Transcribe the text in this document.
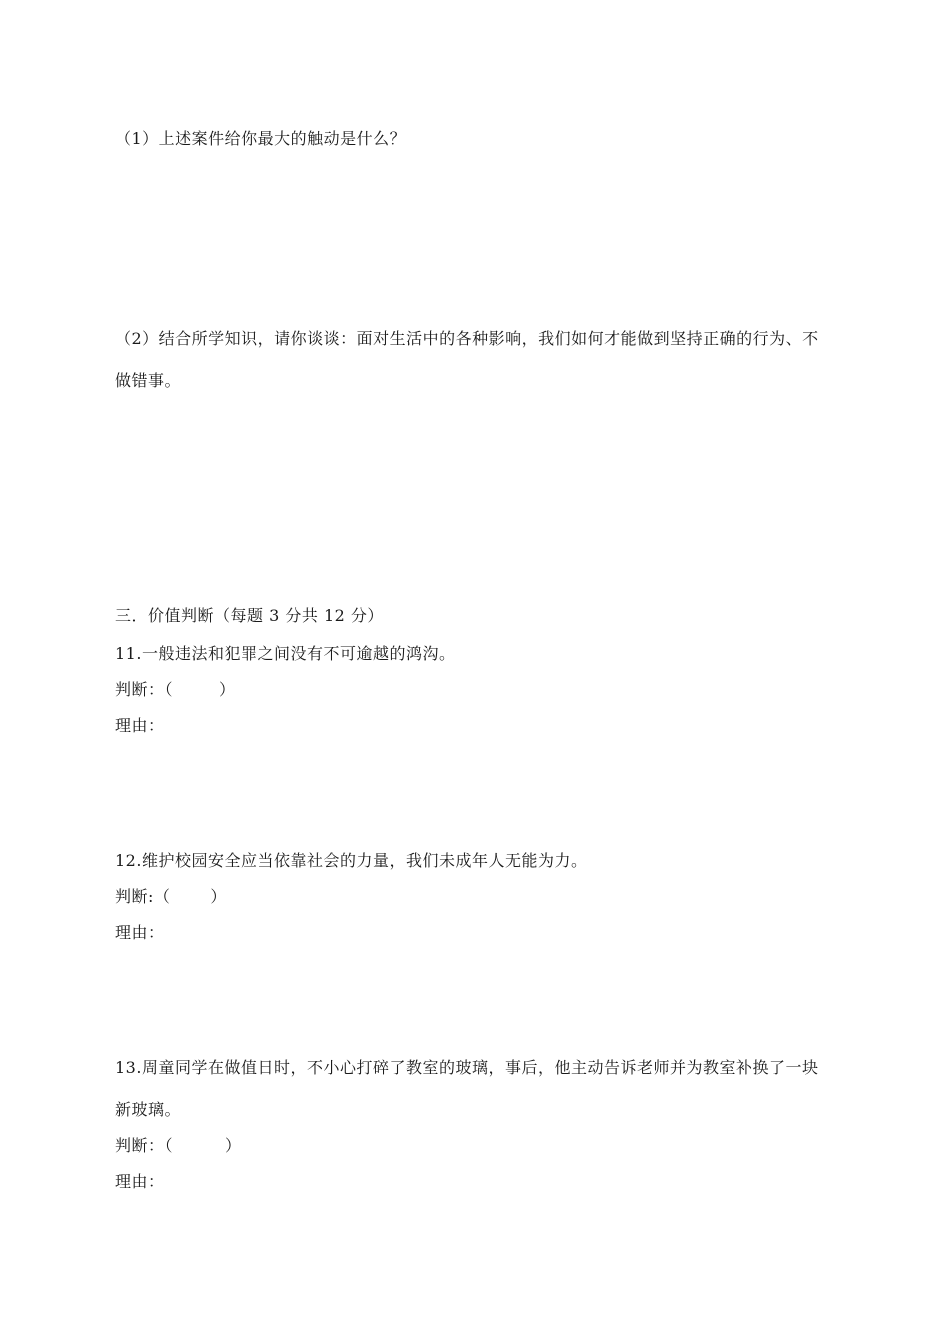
（1）上述案件给你最大的触动是什么？
（2）结合所学知识，请你谈谈：面对生活中的各种影响，我们如何才能做到坚持正确的行为、不
做错事。
三．价值判断（每题 3 分共 12 分）
11.一般违法和犯罪之间没有不可逾越的鸿沟。
判断：（	）
理由：
12.维护校园安全应当依靠社会的力量，我们未成年人无能为力。
判断:（	）
理由：
13.周童同学在做值日时，不小心打碎了教室的玻璃，事后，他主动告诉老师并为教室补换了一块
新玻璃。
判断：（	）
理由：
